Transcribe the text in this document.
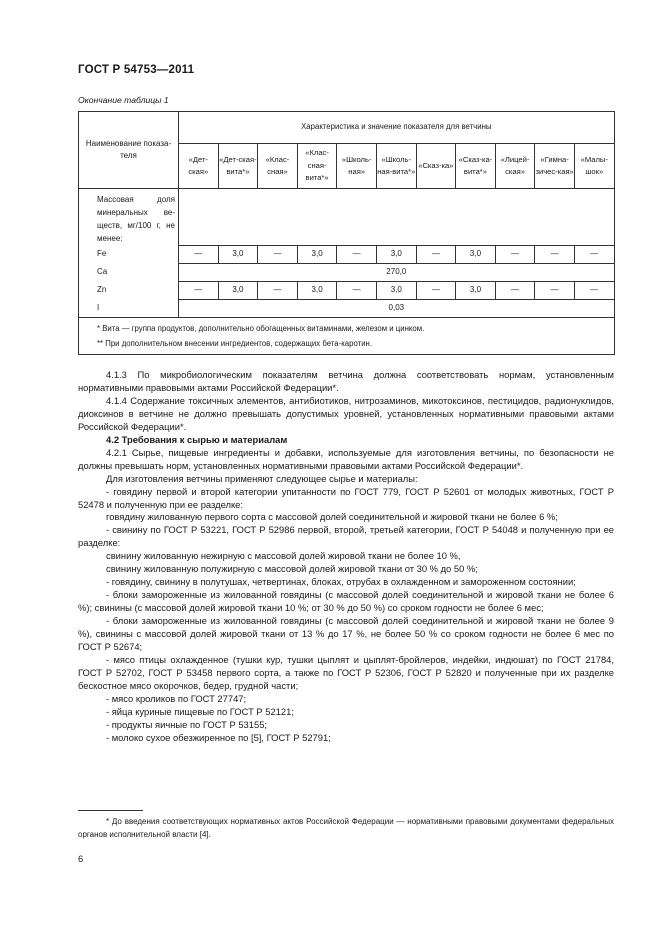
ГОСТ Р 54753—2011
Окончание таблицы 1
Наименование показа-теля	Характеристика и значение показателя для ветчины										
	«Дет-ская»	«Дет-ская-вита*»	«Клас-сная»	«Клас-сная-вита*»	«Школь-ная»	«Школь-ная-вита*»	«Сказ-ка»	«Сказ-ка-вита*»	«Лицей-ская»	«Гимна-зичес-кая»	«Малы-шок»
Массовая доля минеральных ве-ществ, мг/100 г, не менее:											
Fe	—	3,0	—	3,0	—	3,0	—	3,0	—	—	—
Ca	270,0										
Zn	—	3,0	—	3,0	—	3,0	—	3,0	—	—	—
I	0,03										

* Вита — группа продуктов, дополнительно обогащенных витаминами, железом и цинком.
** При дополнительном внесении ингредиентов, содержащих бета-каротин.											

4.1.3 По микробиологическим показателям ветчина должна соответствовать нормам, установленным нормативными правовыми актами Российской Федерации*.

4.1.4 Содержание токсичных элементов, антибиотиков, нитрозаминов, микотоксинов, пестицидов, радионуклидов, диоксинов в ветчине не должно превышать допустимых уровней, установленных нормативными правовыми актами Российской Федерации*.

4.2 Требования к сырью и материалам

4.2.1 Сырье, пищевые ингредиенты и добавки, используемые для изготовления ветчины, по безопасности не должны превышать норм, установленных нормативными правовыми актами Российской Федерации*.

Для изготовления ветчины применяют следующее сырье и материалы:

- говядину первой и второй категории упитанности по ГОСТ 779, ГОСТ Р 52601 от молодых животных, ГОСТ Р 52478 и полученную при ее разделке:

говядину жилованную первого сорта с массовой долей соединительной и жировой ткани не более 6 %;

- свинину по ГОСТ Р 53221, ГОСТ Р 52986 первой, второй, третьей категории, ГОСТ Р 54048 и полученную при ее разделке:

свинину жилованную нежирную с массовой долей жировой ткани не более 10 %,

свинину жилованную полужирную с массовой долей жировой ткани от 30 % до 50 %;

- говядину, свинину в полутушах, четвертинах, блоках, отрубах в охлажденном и замороженном состоянии;

- блоки замороженные из жилованной говядины (с массовой долей соединительной и жировой ткани не более 6 %); свинины (с массовой долей жировой ткани 10 %; от 30 % до 50 %) со сроком годности не более 6 мес;

- блоки замороженные из жилованной говядины (с массовой долей соединительной и жировой ткани не более 9 %), свинины с массовой долей жировой ткани от 13 % до 17 %, не более 50 % со сроком годности не более 6 мес по ГОСТ Р 52674;

- мясо птицы охлажденное (тушки кур, тушки цыплят и цыплят-бройлеров, индейки, индюшат) по ГОСТ 21784, ГОСТ Р 52702, ГОСТ Р 53458 первого сорта, а также по ГОСТ Р 52306, ГОСТ Р 52820 и полученные при их разделке бескостное мясо окорочков, бедер, грудной части;

- мясо кроликов по ГОСТ 27747;

- яйца куриные пищевые по ГОСТ Р 52121;

- продукты яичные по ГОСТ Р 53155;

- молоко сухое обезжиренное по [5], ГОСТ Р 52791;

* До введения соответствующих нормативных актов Российской Федерации — нормативными правовыми документами федеральных органов исполнительной власти [4].
6
